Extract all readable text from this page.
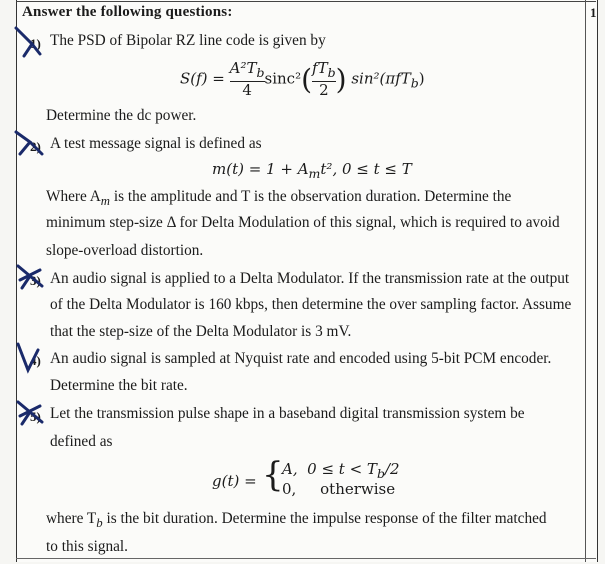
Answer the following questions:	1
1) The PSD of Bipolar RZ line code is given by
$S(f) = \frac{A^2T_b}{4} \sin c^2( \frac{fT_b}{2}$ ) sin²(πfT$_b$)
Determine the dc power.
2) A test message signal is defined as
$m(t) = 1 + A_mt^2$, 0 ≤ t ≤ T
Where $A_m$ is the amplitude and T is the observation duration. Determine the
minimum step-size Δ for Delta Modulation of this signal, which is required to avoid
slope-overload distortion.
3) An audio signal is applied to a Delta Modulator. If the transmission rate at the output
of the Delta Modulator is 160 kbps, then determine the over sampling factor. Assume
that the step-size of the Delta Modulator is 3 mV.
4) An audio signal is sampled at Nyquist rate and encoded using 5-bit PCM encoder.
Determine the bit rate.
5) Let the transmission pulse shape in a baseband digital transmission system be
defined as
g(t) = {
A, $0 \le t < T_b/2$
0, otherwise
where $T_b$ is the bit duration. Determine the impulse response of the filter matched
to this signal.
